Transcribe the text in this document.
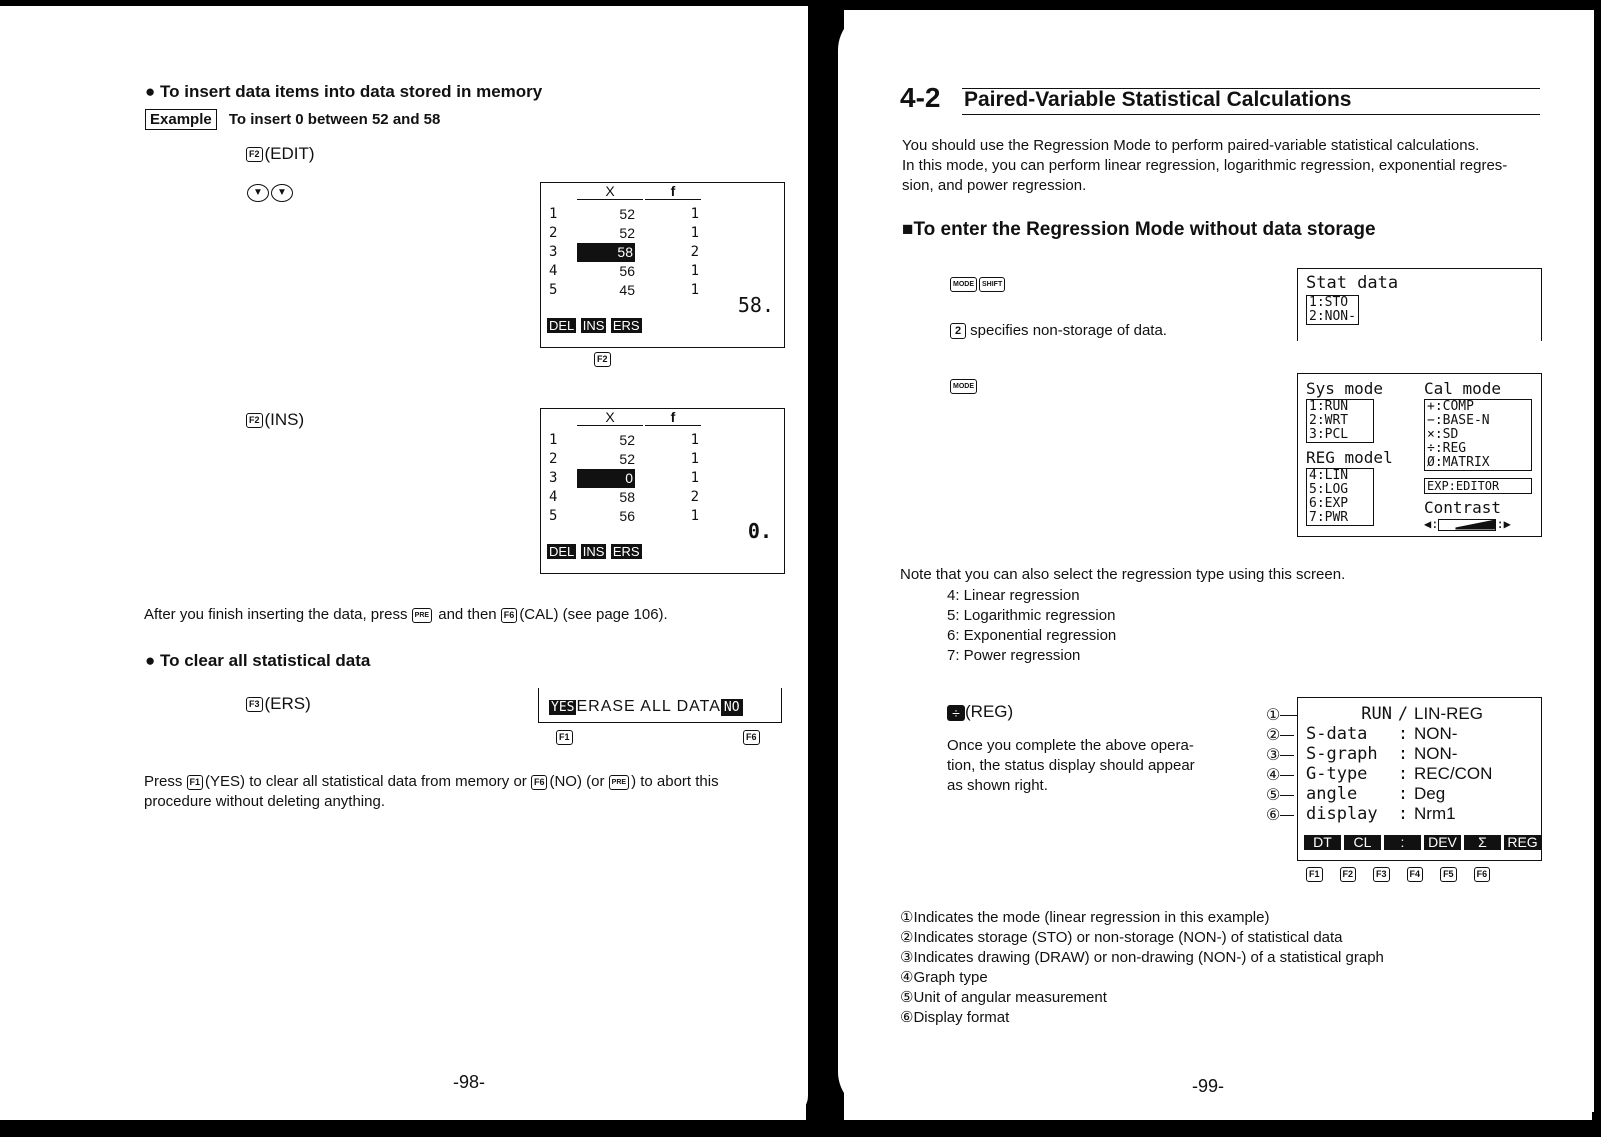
● To insert data items into data stored in memory
Example To insert 0 between 52 and 58
F2 (EDIT)
▼ ▼	X	f
1	52	1
2	52	1
3	58	2
4	56	1
5	45	1
58.
DEL INS ERS
F2
F2 (INS)	X	f
1	52	1
2	52	1
3	0	1
4	58	2
5	56	1
0.
DEL INS ERS
After you finish inserting the data, press PRE and then F6 (CAL) (see page 106).
● To clear all statistical data
F3 (ERS)	YES ERASE ALL DATA NO
F1	F6
Press F1 (YES) to clear all statistical data from memory or F6 (NO) (or PRE ) to abort this
procedure without deleting anything.
-98-
4-2 Paired-Variable Statistical Calculations
You should use the Regression Mode to perform paired-variable statistical calculations.
In this mode, you can perform linear regression, logarithmic regression, exponential regres-
sion, and power regression.
■To enter the Regression Mode without data storage
MODE SHIFT
2 specifies non-storage of data.
Stat data
1:STO
2:NON-
MODE	Sys mode
1:RUN
2:WRT
3:PCL
REG model
4:LIN
5:LOG
6:EXP
7:PWR
Cal mode
+:COMP
−:BASE-N
×:SD
÷:REG
Ø:MATRIX
EXP:EDITOR
Contrast
◀:	:▶
Note that you can also select the regression type using this screen.
4: Linear regression
5: Logarithmic regression
6: Exponential regression
7: Power regression
÷ (REG)
Once you complete the above opera-
tion, the status display should appear
as shown right.
①
②
③
④
⑤
⑥
RUN / LIN-REG
S-data : NON-
S-graph : NON-
G-type : REC/CON
angle : Deg
display : Nrm1
DT CL : DEV Σ REG
F1	F2	F3	F4	F5	F6
①Indicates the mode (linear regression in this example)
②Indicates storage (STO) or non-storage (NON-) of statistical data
③Indicates drawing (DRAW) or non-drawing (NON-) of a statistical graph
④Graph type
⑤Unit of angular measurement
⑥Display format
-99-
